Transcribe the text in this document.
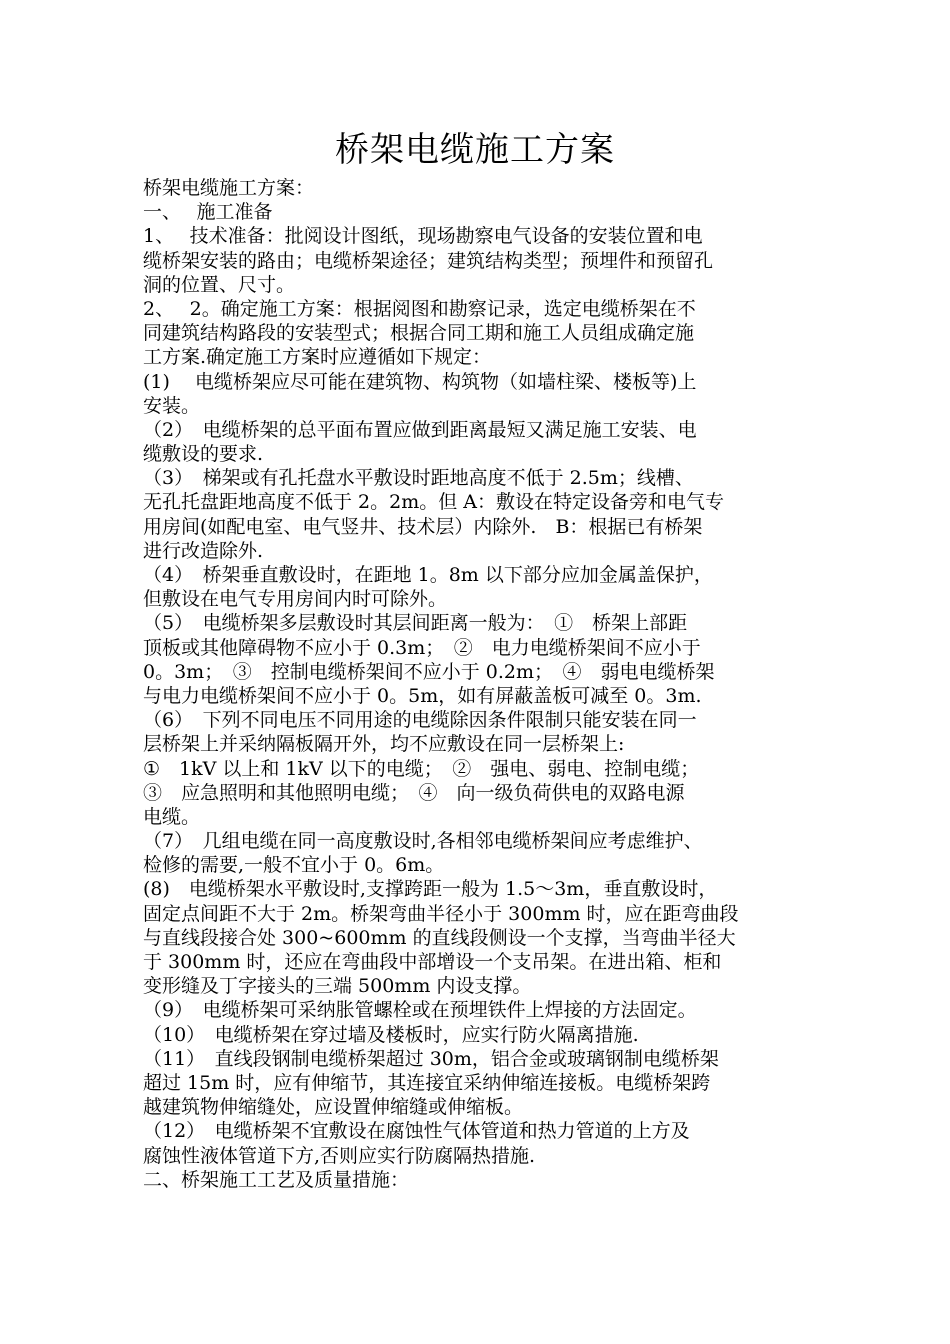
桥架电缆施工方案
桥架电缆施工方案：
一、　 施工准备
1、　 技术准备：批阅设计图纸，现场勘察电气设备的安装位置和电
缆桥架安装的路由；电缆桥架途径；建筑结构类型；预埋件和预留孔
洞的位置、尺寸。
2、　 2。确定施工方案：根据阅图和勘察记录，选定电缆桥架在不
同建筑结构路段的安装型式；根据合同工期和施工人员组成确定施
工方案.确定施工方案时应遵循如下规定：
(1)　 电缆桥架应尽可能在建筑物、构筑物（如墙柱梁、楼板等)上
安装。
（2）　电缆桥架的总平面布置应做到距离最短又满足施工安装、电
缆敷设的要求.
（3）　梯架或有孔托盘水平敷设时距地高度不低于 2.5m；线槽、
无孔托盘距地高度不低于 2。2m。但 A：敷设在特定设备旁和电气专
用房间(如配电室、电气竖井、技术层）内除外.　B：根据已有桥架
进行改造除外.
（4）　桥架垂直敷设时，在距地 1。8m 以下部分应加金属盖保护，
但敷设在电气专用房间内时可除外。
（5）　电缆桥架多层敷设时其层间距离一般为：　①　桥架上部距
顶板或其他障碍物不应小于 0.3m；　②　电力电缆桥架间不应小于
0。3m；　③　控制电缆桥架间不应小于 0.2m；　④　弱电电缆桥架
与电力电缆桥架间不应小于 0。5m，如有屏蔽盖板可减至 0。3m.
（6）　下列不同电压不同用途的电缆除因条件限制只能安装在同一
层桥架上并采纳隔板隔开外，均不应敷设在同一层桥架上:
①　1kV 以上和 1kV 以下的电缆；　②　强电、弱电、控制电缆；
③　应急照明和其他照明电缆；　④　向一级负荷供电的双路电源
电缆。
（7）　几组电缆在同一高度敷设时,各相邻电缆桥架间应考虑维护、
检修的需要,一般不宜小于 0。6m。
(8)　电缆桥架水平敷设时,支撑跨距一般为 1.5～3m，垂直敷设时，
固定点间距不大于 2m。桥架弯曲半径小于 300mm 时，应在距弯曲段
与直线段接合处 300~600mm 的直线段侧设一个支撑，当弯曲半径大
于 300mm 时，还应在弯曲段中部增设一个支吊架。在进出箱、柜和
变形缝及丁字接头的三端 500mm 内设支撑。
（9）　电缆桥架可采纳胀管螺栓或在预埋铁件上焊接的方法固定。
（10）　电缆桥架在穿过墙及楼板时，应实行防火隔离措施.
（11）　直线段钢制电缆桥架超过 30m，铝合金或玻璃钢制电缆桥架
超过 15m 时，应有伸缩节，其连接宜采纳伸缩连接板。电缆桥架跨
越建筑物伸缩缝处，应设置伸缩缝或伸缩板。
（12）　电缆桥架不宜敷设在腐蚀性气体管道和热力管道的上方及
腐蚀性液体管道下方,否则应实行防腐隔热措施.
二、桥架施工工艺及质量措施：
